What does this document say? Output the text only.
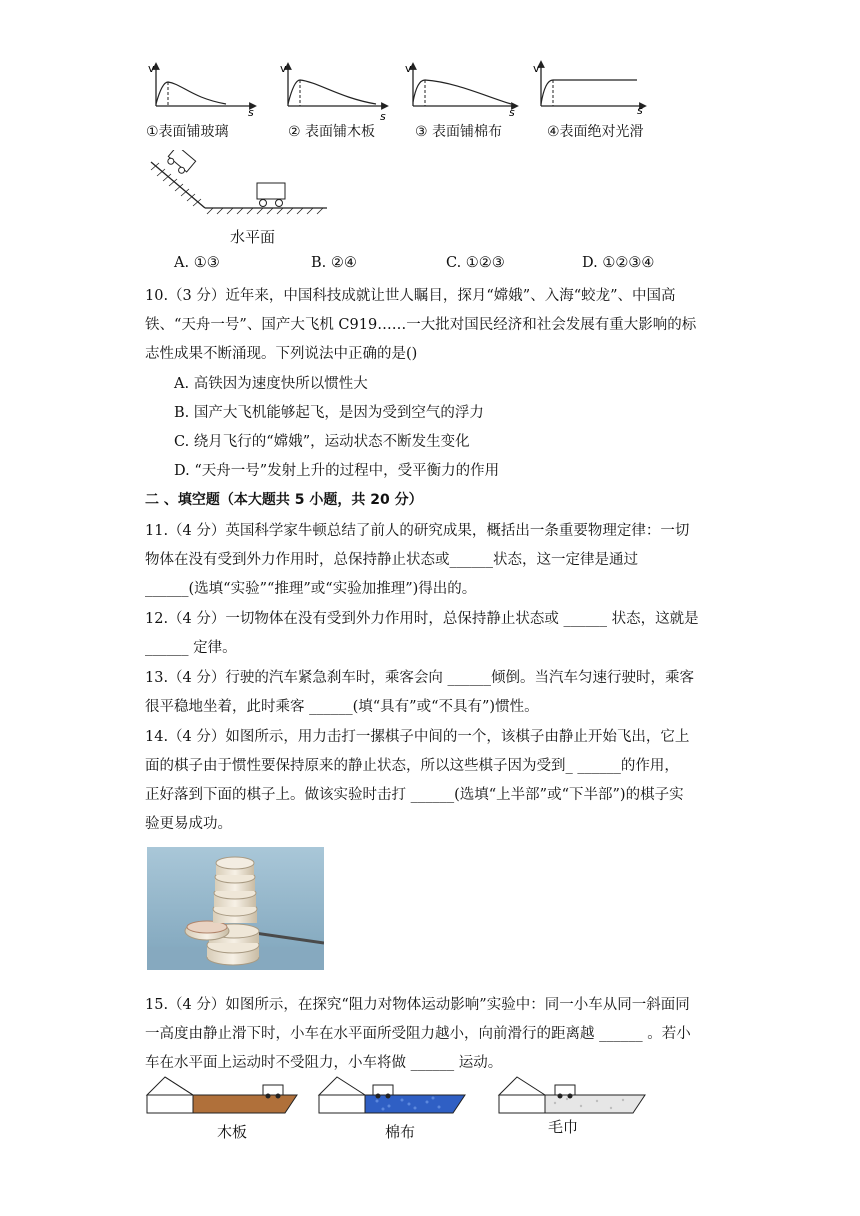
v
s
v
s
v
s
v
s
①表面铺玻璃	② 表面铺木板	③ 表面铺棉布	④表面绝对光滑
水平面
A. ①③	B. ②④	C. ①②③	D. ①②③④
10.（3 分）近年来，中国科技成就让世人瞩目，探月“嫦娥”、入海“蛟龙”、中国高
铁、“天舟一号”、国产大飞机 C919……一大批对国民经济和社会发展有重大影响的标
志性成果不断涌现。下列说法中正确的是()
A. 高铁因为速度快所以惯性大
B. 国产大飞机能够起飞，是因为受到空气的浮力
C. 绕月飞行的“嫦娥”，运动状态不断发生变化
D. “天舟一号”发射上升的过程中，受平衡力的作用
二 、填空题（本大题共 5 小题，共 20 分）
11.（4 分）英国科学家牛顿总结了前人的研究成果，概括出一条重要物理定律：一切
物体在没有受到外力作用时，总保持静止状态或______状态，这一定律是通过
______(选填“实验”“推理”或“实验加推理”)得出的。
12.（4 分）一切物体在没有受到外力作用时，总保持静止状态或 ______ 状态，这就是
______ 定律。
13.（4 分）行驶的汽车紧急刹车时，乘客会向 ______倾倒。当汽车匀速行驶时，乘客
很平稳地坐着，此时乘客 ______(填“具有”或“不具有”)惯性。
14.（4 分）如图所示，用力击打一摞棋子中间的一个，该棋子由静止开始飞出，它上
面的棋子由于惯性要保持原来的静止状态，所以这些棋子因为受到_ ______的作用，
正好落到下面的棋子上。做该实验时击打 ______(选填“上半部”或“下半部”)的棋子实
验更易成功。
15.（4 分）如图所示，在探究“阻力对物体运动影响”实验中：同一小车从同一斜面同
一高度由静止滑下时，小车在水平面所受阻力越小，向前滑行的距离越 ______ 。若小
车在水平面上运动时不受阻力，小车将做 ______ 运动。
木板	棉布	毛巾
